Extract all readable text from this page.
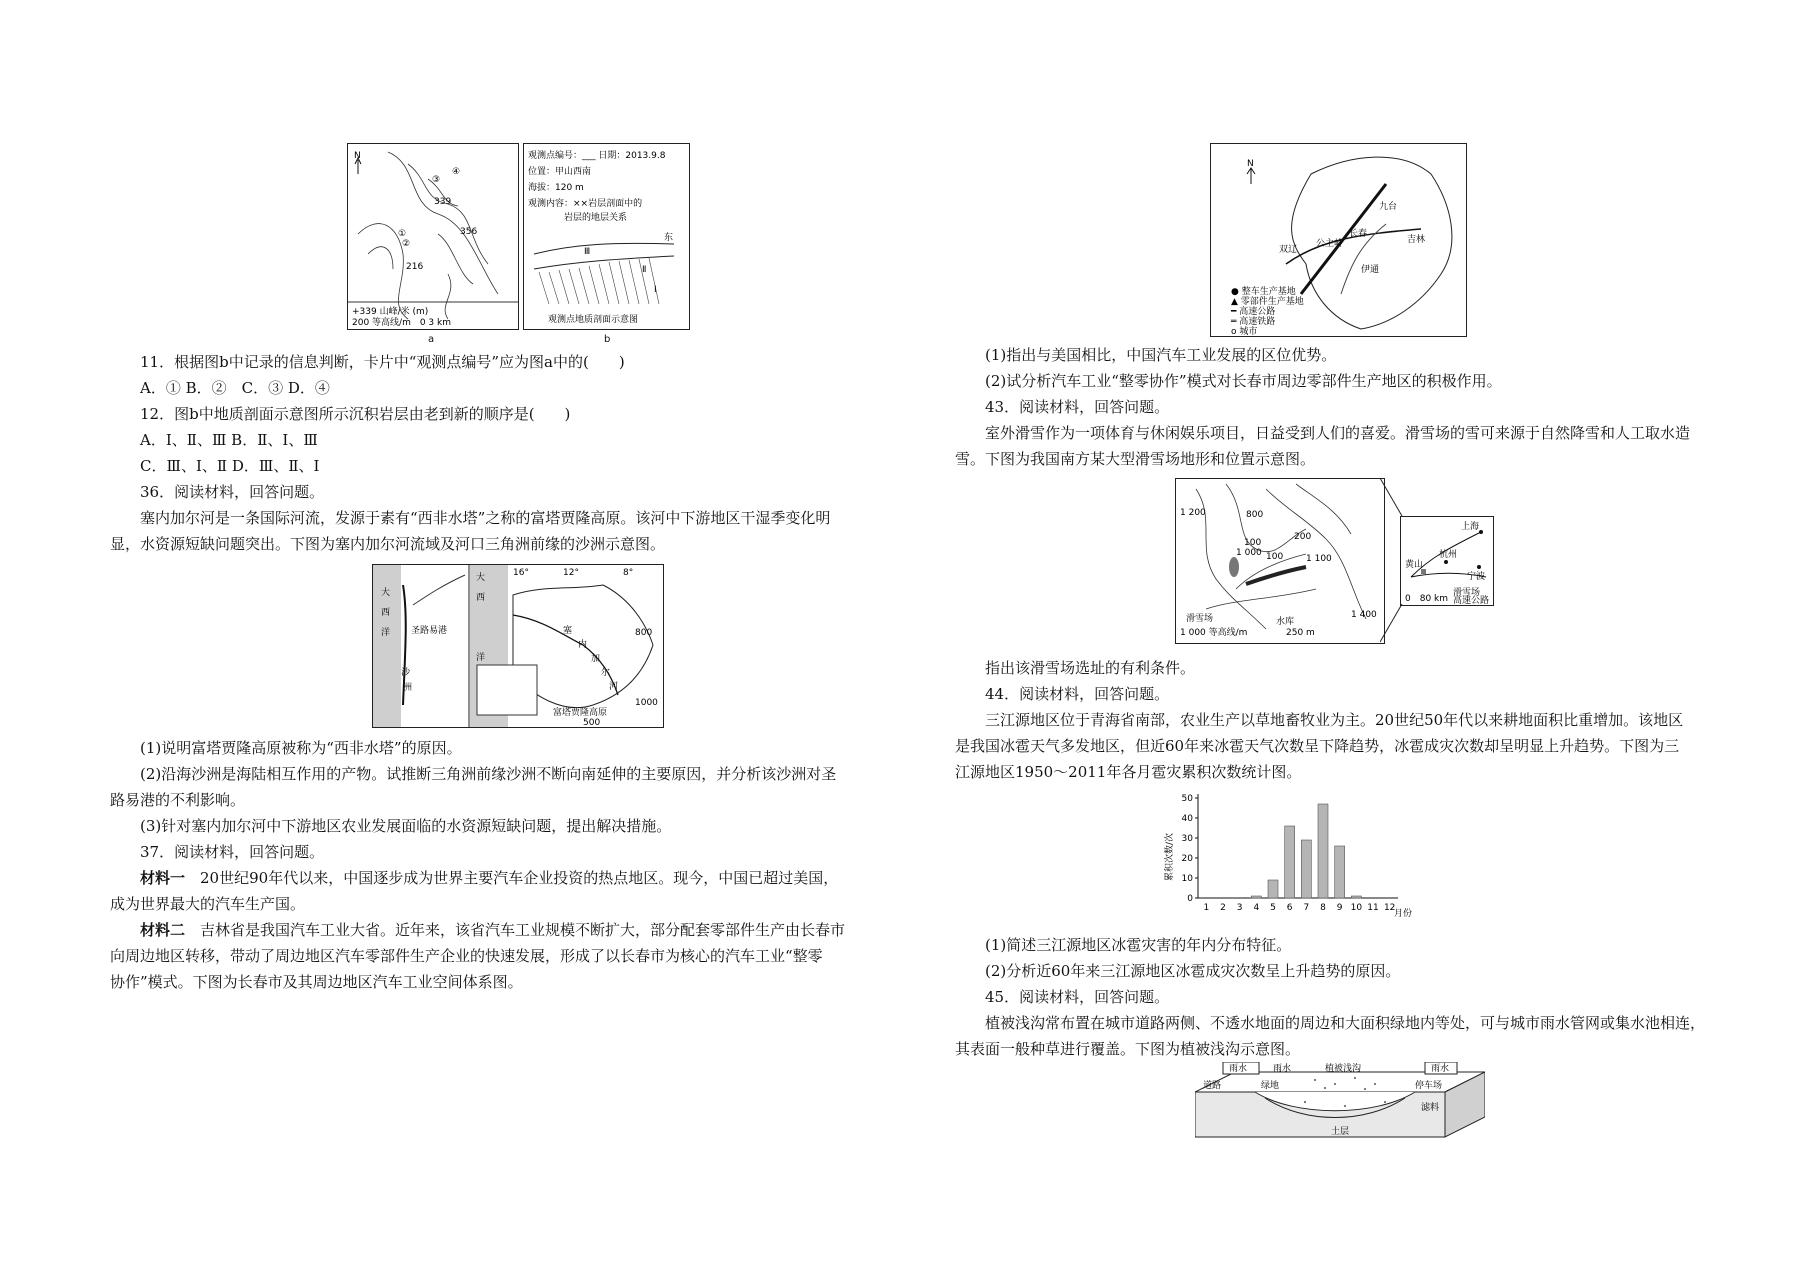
N
③
④
①
②
339
356
216
+339 山峰/米 (m)
200 等高线/m　0 3 km
a
观测点编号：___ 日期：2013.9.8
位置：甲山西南
海拔：120 m
观测内容：××岩层剖面中的
岩层的地层关系
东
Ⅲ
Ⅱ
Ⅰ
观测点地质剖面示意图
b
11．根据图b中记录的信息判断，卡片中“观测点编号”应为图a中的(　　)
A．① B．②　C．③ D．④
12．图b中地质剖面示意图所示沉积岩层由老到新的顺序是(　　)
A．Ⅰ、Ⅱ、Ⅲ B．Ⅱ、Ⅰ、Ⅲ
C．Ⅲ、Ⅰ、Ⅱ D．Ⅲ、Ⅱ、Ⅰ
36．阅读材料，回答问题。
塞内加尔河是一条国际河流，发源于素有“西非水塔”之称的富塔贾隆高原。该河中下游地区干湿季变化明
显，水资源短缺问题突出。下图为塞内加尔河流域及河口三角洲前缘的沙洲示意图。
大
西
洋
沙
洲
圣路易港
大
西
洋
16°	12°	8°
塞
内
加
尔
河
富塔贾隆高原
800
1000
500
(1)说明富塔贾隆高原被称为“西非水塔”的原因。
(2)沿海沙洲是海陆相互作用的产物。试推断三角洲前缘沙洲不断向南延伸的主要原因，并分析该沙洲对圣
路易港的不利影响。
(3)针对塞内加尔河中下游地区农业发展面临的水资源短缺问题，提出解决措施。
37．阅读材料，回答问题。
材料一　20世纪90年代以来，中国逐步成为世界主要汽车企业投资的热点地区。现今，中国已超过美国，
成为世界最大的汽车生产国。
材料二　吉林省是我国汽车工业大省。近年来，该省汽车工业规模不断扩大，部分配套零部件生产由长春市
向周边地区转移，带动了周边地区汽车零部件生产企业的快速发展，形成了以长春市为核心的汽车工业“整零
协作”模式。下图为长春市及其周边地区汽车工业空间体系图。
N
长春
吉林
公主岭
双辽
伊通
九台
● 整车生产基地
▲ 零部件生产基地
━ 高速公路
═ 高速铁路
o 城市
(1)指出与美国相比，中国汽车工业发展的区位优势。
(2)试分析汽车工业“整零协作”模式对长春市周边零部件生产地区的积极作用。
43．阅读材料，回答问题。
室外滑雪作为一项体育与休闲娱乐项目，日益受到人们的喜爱。滑雪场的雪可来源于自然降雪和人工取水造
雪。下图为我国南方某大型滑雪场地形和位置示意图。
1 200	800
100
1 000
200
100	1 100
1 400
滑雪场
1 000 等高线/m
水库
250 m
上海
杭州
宁波
黄山
0　80 km
滑雪场
高速公路
指出该滑雪场选址的有利条件。
44．阅读材料，回答问题。
三江源地区位于青海省南部，农业生产以草地畜牧业为主。20世纪50年代以来耕地面积比重增加。该地区
是我国冰雹天气多发地区，但近60年来冰雹天气次数呈下降趋势，冰雹成灾次数却呈明显上升趋势。下图为三
江源地区1950～2011年各月雹灾累积次数统计图。
累积次数/次
0
10
20
30
40
50
1 2 3 4 5 6 7 8 9 10 11 12
月份
(1)简述三江源地区冰雹灾害的年内分布特征。
(2)分析近60年来三江源地区冰雹成灾次数呈上升趋势的原因。
45．阅读材料，回答问题。
植被浅沟常布置在城市道路两侧、不透水地面的周边和大面积绿地内等处，可与城市雨水管网或集水池相连，
其表面一般种草进行覆盖。下图为植被浅沟示意图。
雨水
道路
雨水
绿地
植被浅沟	雨水
停车场
滤料
土层
